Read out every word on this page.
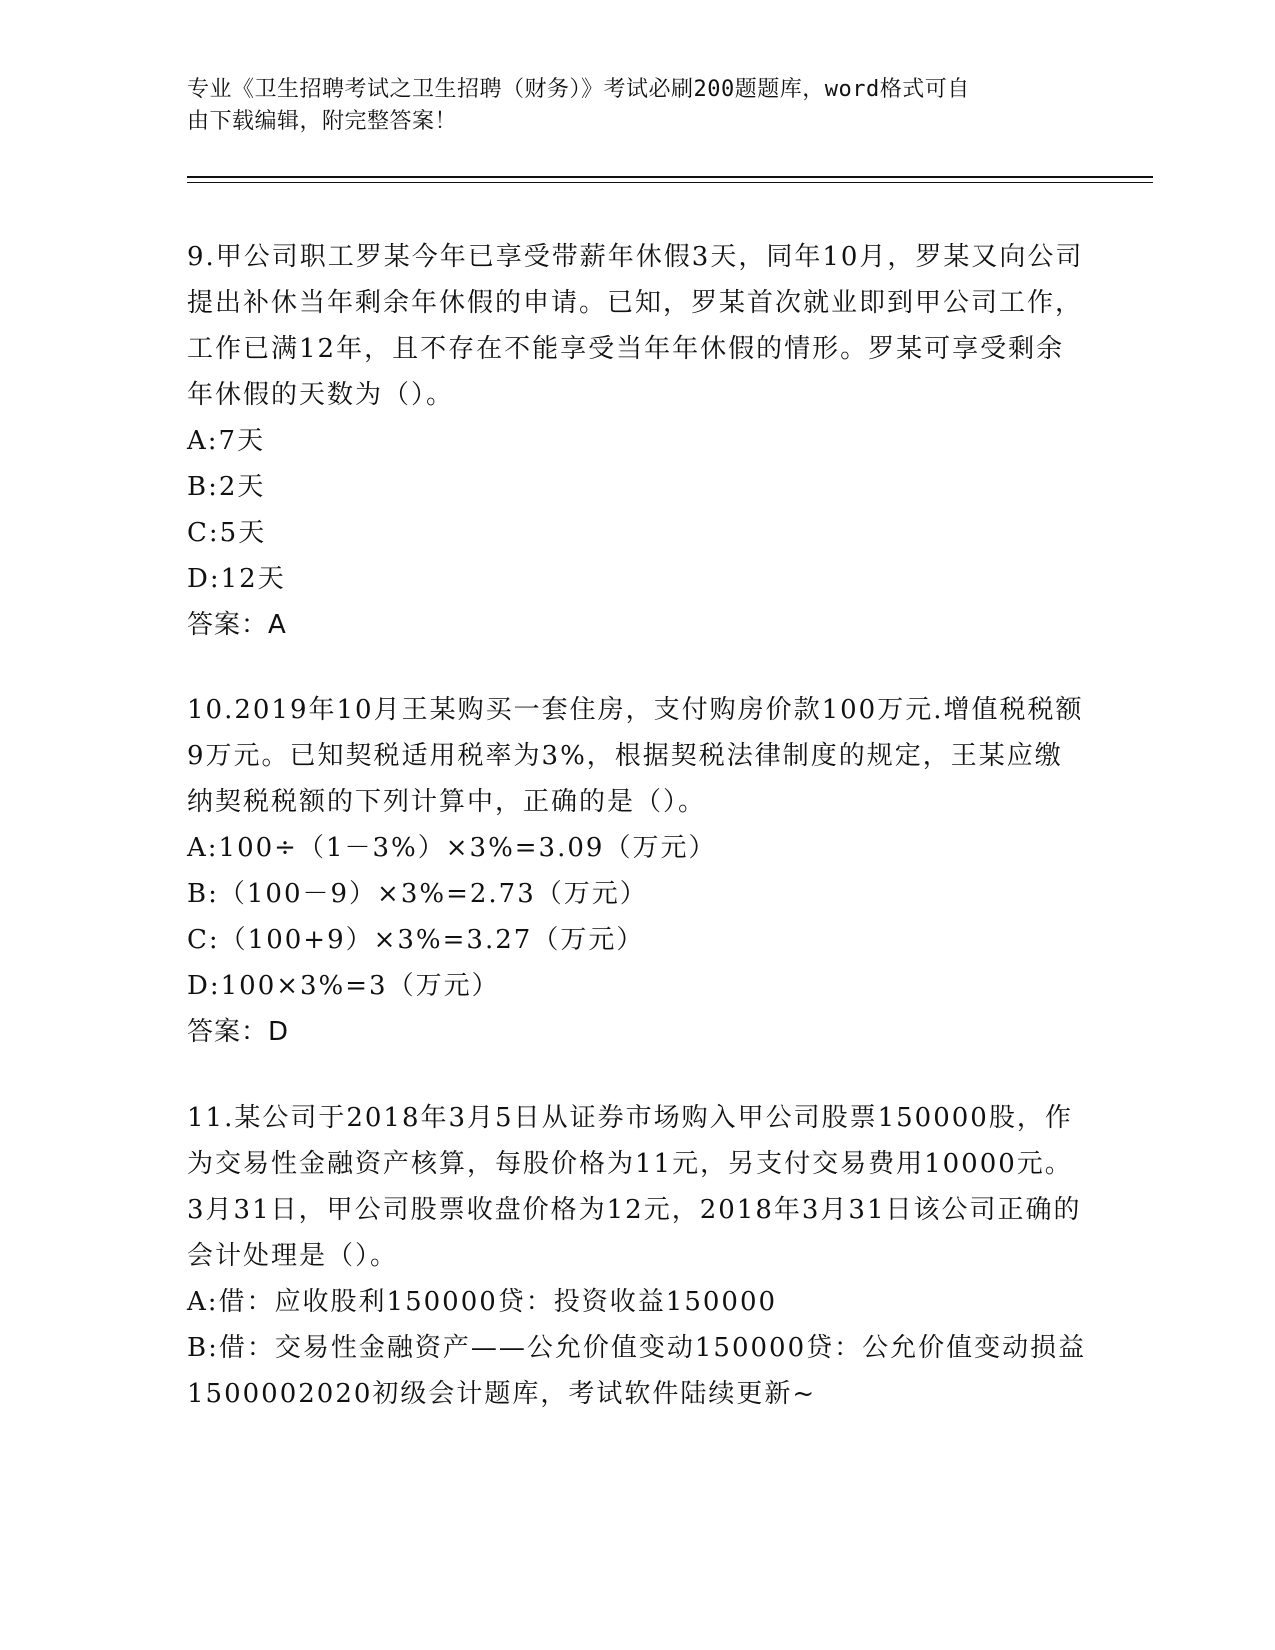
专业《卫生招聘考试之卫生招聘（财务）》考试必刷200题题库，word格式可自
由下载编辑，附完整答案！

9.甲公司职工罗某今年已享受带薪年休假3天，同年10月，罗某又向公司提出补休当年剩余年休假的申请。已知，罗某首次就业即到甲公司工作，工作已满12年，且不存在不能享受当年年休假的情形。罗某可享受剩余年休假的天数为（）。

A:7天

B:2天

C:5天

D:12天

答案：A

10.2019年10月王某购买一套住房，支付购房价款100万元.增值税税额9万元。已知契税适用税率为3%，根据契税法律制度的规定，王某应缴纳契税税额的下列计算中，正确的是（）。

A:100÷（1－3%）×3%=3.09（万元）

B:（100－9）×3%=2.73（万元）

C:（100+9）×3%=3.27（万元）

D:100×3%=3（万元）

答案：D

11.某公司于2018年3月5日从证券市场购入甲公司股票150000股，作为交易性金融资产核算，每股价格为11元，另支付交易费用10000元。3月31日，甲公司股票收盘价格为12元，2018年3月31日该公司正确的会计处理是（）。

A:借：应收股利150000贷：投资收益150000

B:借：交易性金融资产——公允价值变动150000贷：公允价值变动损益1500002020初级会计题库，考试软件陆续更新~
